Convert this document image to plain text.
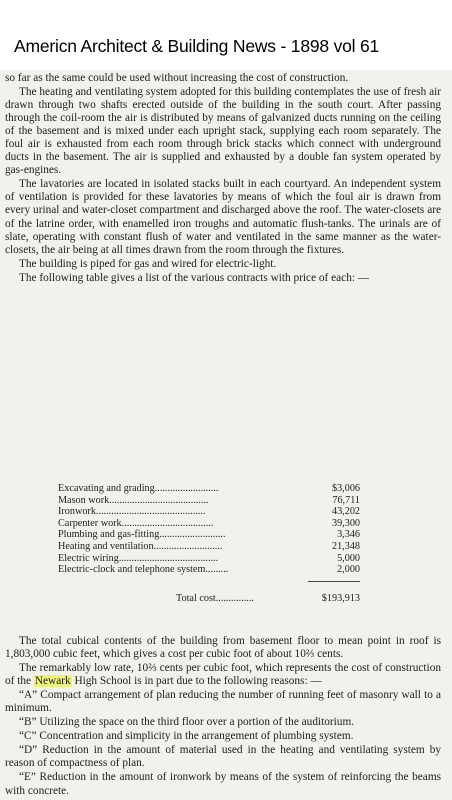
Americn Architect & Building News - 1898 vol 61

so far as the same could be used without increasing the cost of construction.

The heating and ventilating system adopted for this building contemplates the use of fresh air drawn through two shafts erected outside of the building in the south court. After passing through the coil-room the air is distributed by means of galvanized ducts running on the ceiling of the basement and is mixed under each upright stack, supplying each room separately. The foul air is exhausted from each room through brick stacks which connect with underground ducts in the basement. The air is supplied and exhausted by a double fan system operated by gas-engines.

The lavatories are located in isolated stacks built in each courtyard. An independent system of ventilation is provided for these lavatories by means of which the foul air is drawn from every urinal and water-closet compartment and discharged above the roof. The water-closets are of the latrine order, with enamelled iron troughs and automatic flush-tanks. The urinals are of slate, operating with constant flush of water and ventilated in the same manner as the water-closets, the air being at all times drawn from the room through the fixtures.

The building is piped for gas and wired for electric-light.

The following table gives a list of the various contracts with price of each: —

Excavating and grading.........................	$3,006
Mason work.......................................	76,711
Ironwork...........................................	43,202
Carpenter work....................................	39,300
Plumbing and gas-fitting..........................	3,346
Heating and ventilation...........................	21,348
Electric wiring.......................................	5,000
Electric-clock and telephone system.........	2,000
Total cost...............	$193,913

The total cubical contents of the building from basement floor to mean point in roof is 1,803,000 cubic feet, which gives a cost per cubic foot of about 10⅔ cents.

The remarkably low rate, 10⅔ cents per cubic foot, which represents the cost of construction of the Newark High School is in part due to the following reasons: —

“A” Compact arrangement of plan reducing the number of running feet of masonry wall to a minimum.

“B” Utilizing the space on the third floor over a portion of the auditorium.

“C” Concentration and simplicity in the arrangement of plumbing system.

“D” Reduction in the amount of material used in the heating and ventilating system by reason of compactness of plan.

“E” Reduction in the amount of ironwork by means of the system of reinforcing the beams with concrete.
